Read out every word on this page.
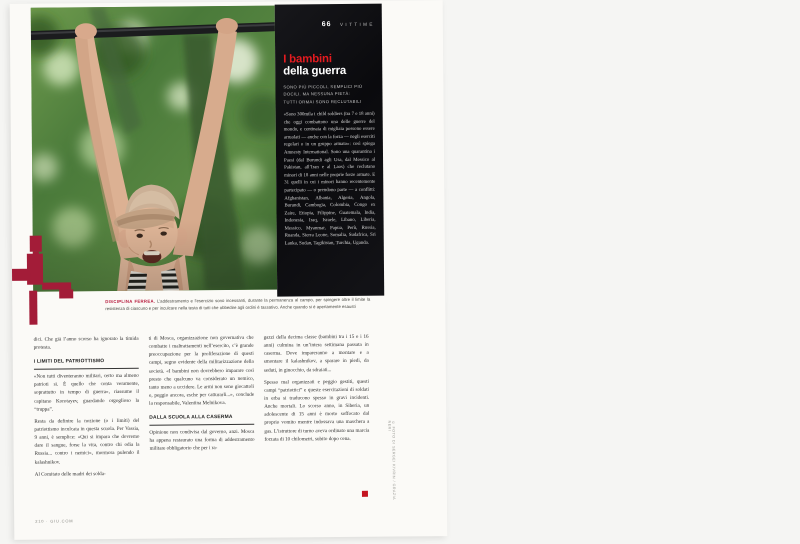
66 VITTIME
I bambini
della guerra
SONO PIÙ PICCOLI, SEMPLICI PIÙ
DOCILI. MA NESSUNA PIETÀ:
TUTTI ORMAI SONO RECLUTABILI
«Sono 300mila i child soldiers (tra 7 e 18 anni) che oggi combattono una delle guerre del mondo, e centinaia di migliaia possono essere arruolati — anche con la forza — negli eserciti regolari o in un gruppo armato»: così spiega Amnesty International. Sono una quarantina i Paesi (dal Burundi agli Usa, dal Messico al Pakistan, all’Iran e al Laos) che reclutano minori di 18 anni nelle proprie forze armate. E 31 quelli in cui i minori hanno recentemente partecipato — o prendono parte — a conflitti: Afghanistan, Albania, Algeria, Angola, Burundi, Cambogia, Colombia, Congo ex Zaire, Etiopia, Filippine, Guatemala, India, Indonesia, Iraq, Israele, Libano, Liberia, Messico, Myanmar, Papua, Perù, Russia, Ruanda, Sierra Leone, Somalia, Sudafrica, Sri Lanka, Sudan, Tagikistan, Turchia, Uganda.
DISCIPLINA FERREA. L’addestramento e l’esercizio sono incessanti, durante la permanenza al campo, per spingere oltre il limite la resistenza di ciascuno e per inculcare nella testa di tutti che obbedire agli ordini è tassativo. Anche quando si è apertamente esausti

dici. Che già l’anno scorso ha ignorato la timida protesta.

I LIMITI DEL PATRIOTTISMO

«Non tutti diventeranno militari, certo ma almeno patrioti sì. È quello che conta veramente, soprattutto in tempo di guerra», riassume il capitano Korotayev, guardando orgoglioso la “truppa”.

Resta da definire la nozione (o i limiti) del patriottismo inculcata in questa scuola. Per Vassia, 9 anni, è semplice: «Qui si impara che dovremo dare il sangue, forse la vita, contro chi odia la Russia... contro i nemici», mormora pulendo il kalashnikov.

Al Comitato delle madri dei solda-

ti di Mosca, organizzazione non governativa che combatte i maltrattamenti nell’esercito, c’è grande preoccupazione per la proliferazione di questi campi, segno evidente della militarizzazione della società. «I bambini non dovrebbero imparare così presto che qualcuno va considerato un nemico, tanto meno a uccidere. Le armi non sono giocattoli e, peggio ancora, esche per catturarli...», conclude la responsabile, Valentina Melnikova.

DALLA SCUOLA ALLA CASERMA

Opinione non condivisa dal governo, anzi. Mosca ha appena restaurato una forma di addestramento militare obbligatorio che per i ra-

gazzi della decima classe (bambini tra i 15 e i 16 anni) culmina in un’intera settimana passata in caserma. Dove impareranno a montare e a smontare il kalashnikov, a sparare in piedi, da seduti, in ginocchio, da sdraiati...

Spesso mal organizzati e peggio gestiti, questi campi “patriottici” e queste esercitazioni di soldati in erba si traducono spesso in gravi incidenti. Anche mortali. Lo scorso anno, in Siberia, un adolescente di 15 anni è morto soffocato dal proprio vomito mentre indossava una maschera a gas. L’istruttore di turno aveva ordinato una marcia forzata di 10 chilometri, subito dopo cena.

210 · GIU.COM
© FOTO DI SERGEI KIVRIN / GRAZIA NERI
